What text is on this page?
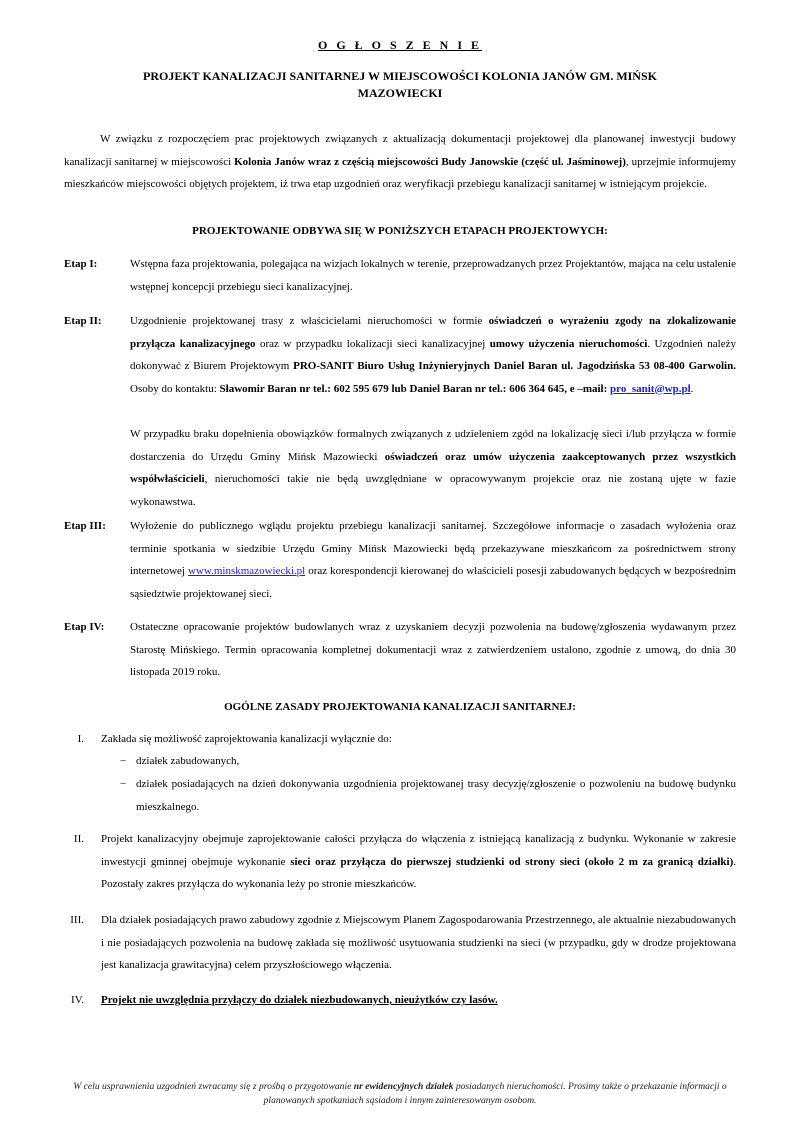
O G Ł O S Z E N I E
PROJEKT KANALIZACJI SANITARNEJ W MIEJSCOWOŚCI KOLONIA JANÓW GM. MIŃSK MAZOWIECKI
W związku z rozpoczęciem prac projektowych związanych z aktualizacją dokumentacji projektowej dla planowanej inwestycji budowy kanalizacji sanitarnej w miejscowości Kolonia Janów wraz z częścią miejscowości Budy Janowskie (część ul. Jaśminowej), uprzejmie informujemy mieszkańców miejscowości objętych projektem, iż trwa etap uzgodnień oraz weryfikacji przebiegu kanalizacji sanitarnej w istniejącym projekcie.
PROJEKTOWANIE ODBYWA SIĘ W PONIŻSZYCH ETAPACH PROJEKTOWYCH:
Etap I:	Wstępna faza projektowania, polegająca na wizjach lokalnych w terenie, przeprowadzanych przez Projektantów, mająca na celu ustalenie wstępnej koncepcji przebiegu sieci kanalizacyjnej.
Etap II:	Uzgodnienie projektowanej trasy z właścicielami nieruchomości w formie oświadczeń o wyrażeniu zgody na zlokalizowanie przyłącza kanalizacyjnego oraz w przypadku lokalizacji sieci kanalizacyjnej umowy użyczenia nieruchomości. Uzgodnień należy dokonywać z Biurem Projektowym PRO-SANIT Biuro Usług Inżynieryjnych Daniel Baran ul. Jagodzińska 53 08-400 Garwolin. Osoby do kontaktu: Sławomir Baran nr tel.: 602 595 679 lub Daniel Baran nr tel.: 606 364 645, e –mail: pro_sanit@wp.pl.
W przypadku braku dopełnienia obowiązków formalnych związanych z udzieleniem zgód na lokalizację sieci i/lub przyłącza w formie dostarczenia do Urzędu Gminy Mińsk Mazowiecki oświadczeń oraz umów użyczenia zaakceptowanych przez wszystkich współwłaścicieli, nieruchomości takie nie będą uwzględniane w opracowywanym projekcie oraz nie zostaną ujęte w fazie wykonawstwa.
Etap III: Wyłożenie do publicznego wglądu projektu przebiegu kanalizacji sanitarnej. Szczegółowe informacje o zasadach wyłożenia oraz terminie spotkania w siedzibie Urzędu Gminy Mińsk Mazowiecki będą przekazywane mieszkańcom za pośrednictwem strony internetowej www.minskmazowiecki.pl oraz korespondencji kierowanej do właścicieli posesji zabudowanych będących w bezpośrednim sąsiedztwie projektowanej sieci.
Etap IV: Ostateczne opracowanie projektów budowlanych wraz z uzyskaniem decyzji pozwolenia na budowę/zgłoszenia wydawanym przez Starostę Mińskiego. Termin opracowania kompletnej dokumentacji wraz z zatwierdzeniem ustalono, zgodnie z umową, do dnia 30 listopada 2019 roku.
OGÓLNE ZASADY PROJEKTOWANIA KANALIZACJI SANITARNEJ:
I. Zakłada się możliwość zaprojektowania kanalizacji wyłącznie do:
− działek zabudowanych,
− działek posiadających na dzień dokonywania uzgodnienia projektowanej trasy decyzję/zgłoszenie o pozwoleniu na budowę budynku mieszkalnego.
II. Projekt kanalizacyjny obejmuje zaprojektowanie całości przyłącza do włączenia z istniejącą kanalizacją z budynku. Wykonanie w zakresie inwestycji gminnej obejmuje wykonanie sieci oraz przyłącza do pierwszej studzienki od strony sieci (około 2 m za granicą działki). Pozostały zakres przyłącza do wykonania leży po stronie mieszkańców.
III. Dla działek posiadających prawo zabudowy zgodnie z Miejscowym Planem Zagospodarowania Przestrzennego, ale aktualnie niezabudowanych i nie posiadających pozwolenia na budowę zakłada się możliwość usytuowania studzienki na sieci (w przypadku, gdy w drodze projektowana jest kanalizacja grawitacyjna) celem przyszłościowego włączenia.
IV. Projekt nie uwzględnia przyłączy do działek niezbudowanych, nieużytków czy lasów.
W celu usprawnienia uzgodnień zwracamy się z prośbą o przygotowanie nr ewidencyjnych działek posiadanych nieruchomości. Prosimy także o przekazanie informacji o planowanych spotkaniach sąsiadom i innym zainteresowanym osobom.
